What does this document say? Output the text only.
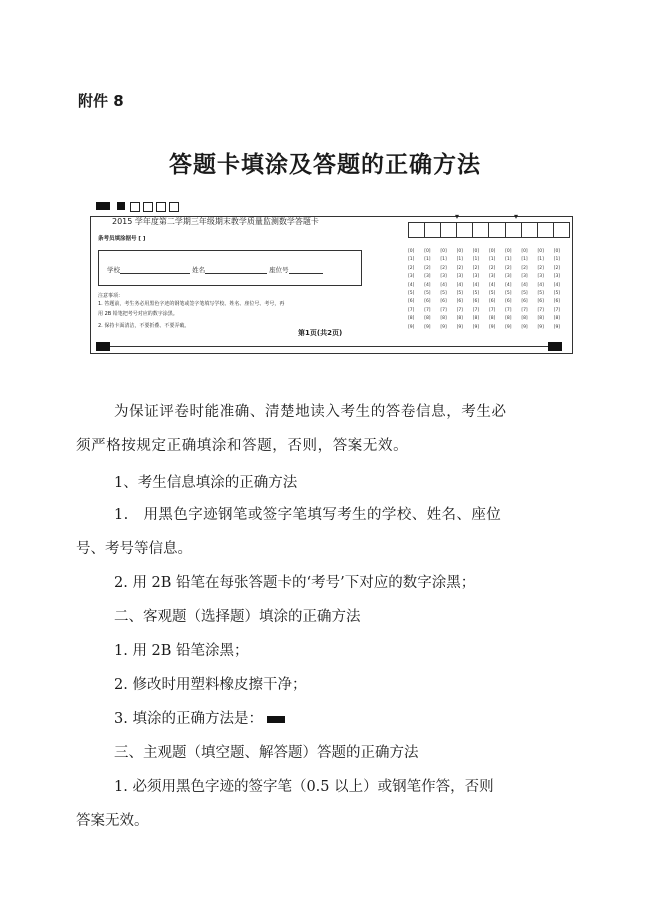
附件 8
答题卡填涂及答题的正确方法
2015 学年度第二学期三年级期末教学质量监测数学答题卡
条考员填涂据号 [ ]
学校	姓名	座位号
注意事项：
1. 答题前，考生务必用黑色字迹的钢笔或签字笔填写学校、姓名、座位号、考号，再
用 2B 铅笔把考号对应的数字涂黑。
2. 保持卡面清洁，不要折叠、不要弄破。
第1页(共2页)
▾	▾
[0]	[0]	[0]	[0]	[0]	[0]	[0]	[0]	[0]	[0]
[1]	[1]	[1]	[1]	[1]	[1]	[1]	[1]	[1]	[1]
[2]	[2]	[2]	[2]	[2]	[2]	[2]	[2]	[2]	[2]
[3]	[3]	[3]	[3]	[3]	[3]	[3]	[3]	[3]	[3]
[4]	[4]	[4]	[4]	[4]	[4]	[4]	[4]	[4]	[4]
[5]	[5]	[5]	[5]	[5]	[5]	[5]	[5]	[5]	[5]
[6]	[6]	[6]	[6]	[6]	[6]	[6]	[6]	[6]	[6]
[7]	[7]	[7]	[7]	[7]	[7]	[7]	[7]	[7]	[7]
[8]	[8]	[8]	[8]	[8]	[8]	[8]	[8]	[8]	[8]
[9]	[9]	[9]	[9]	[9]	[9]	[9]	[9]	[9]	[9]
为保证评卷时能准确、清楚地读入考生的答卷信息，考生必
须严格按规定正确填涂和答题，否则，答案无效。
1、考生信息填涂的正确方法
1.　用黑色字迹钢笔或签字笔填写考生的学校、姓名、座位
号、考号等信息。
2. 用 2B 铅笔在每张答题卡的‘考号’下对应的数字涂黑；
二、客观题（选择题）填涂的正确方法
1. 用 2B 铅笔涂黑；
2. 修改时用塑料橡皮擦干净；
3. 填涂的正确方法是：
三、主观题（填空题、解答题）答题的正确方法
1. 必须用黑色字迹的签字笔（0.5 以上）或钢笔作答，否则
答案无效。
